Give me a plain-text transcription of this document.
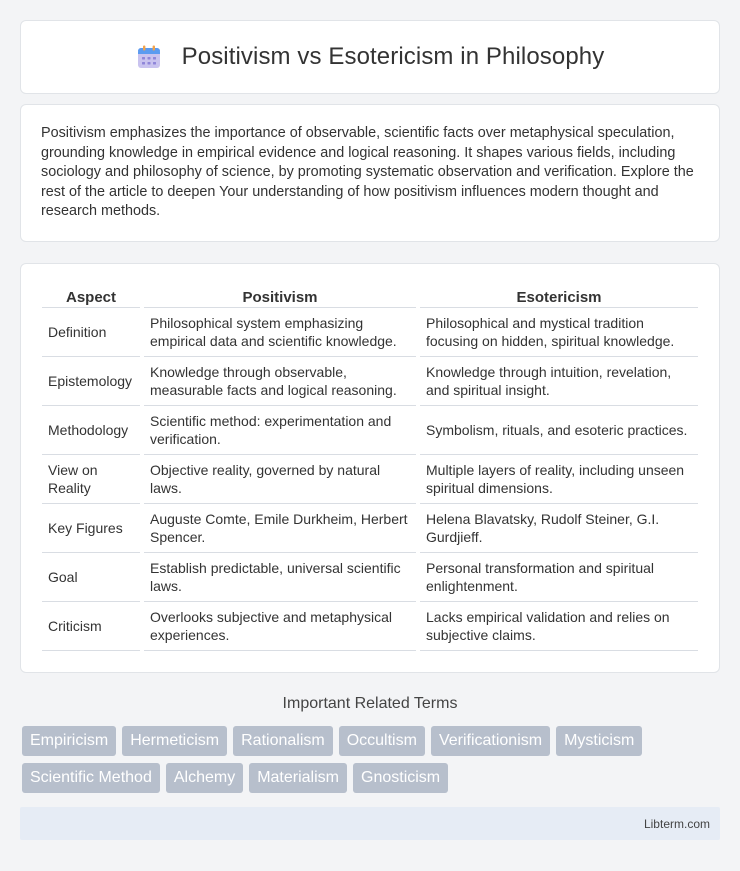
Positivism vs Esotericism in Philosophy

Positivism emphasizes the importance of observable, scientific facts over metaphysical speculation, grounding knowledge in empirical evidence and logical reasoning. It shapes various fields, including sociology and philosophy of science, by promoting systematic observation and verification. Explore the rest of the article to deepen Your understanding of how positivism influences modern thought and research methods.

Aspect	Positivism	Esotericism
Definition	Philosophical system emphasizing empirical data and scientific knowledge.	Philosophical and mystical tradition focusing on hidden, spiritual knowledge.
Epistemology	Knowledge through observable, measurable facts and logical reasoning.	Knowledge through intuition, revelation, and spiritual insight.
Methodology	Scientific method: experimentation and verification.	Symbolism, rituals, and esoteric practices.
View on Reality	Objective reality, governed by natural laws.	Multiple layers of reality, including unseen spiritual dimensions.
Key Figures	Auguste Comte, Emile Durkheim, Herbert Spencer.	Helena Blavatsky, Rudolf Steiner, G.I. Gurdjieff.
Goal	Establish predictable, universal scientific laws.	Personal transformation and spiritual enlightenment.
Criticism	Overlooks subjective and metaphysical experiences.	Lacks empirical validation and relies on subjective claims.
Important Related Terms
Empiricism	Hermeticism	Rationalism	Occultism	Verificationism	Mysticism
Scientific Method	Alchemy	Materialism	Gnosticism
Libterm.com
